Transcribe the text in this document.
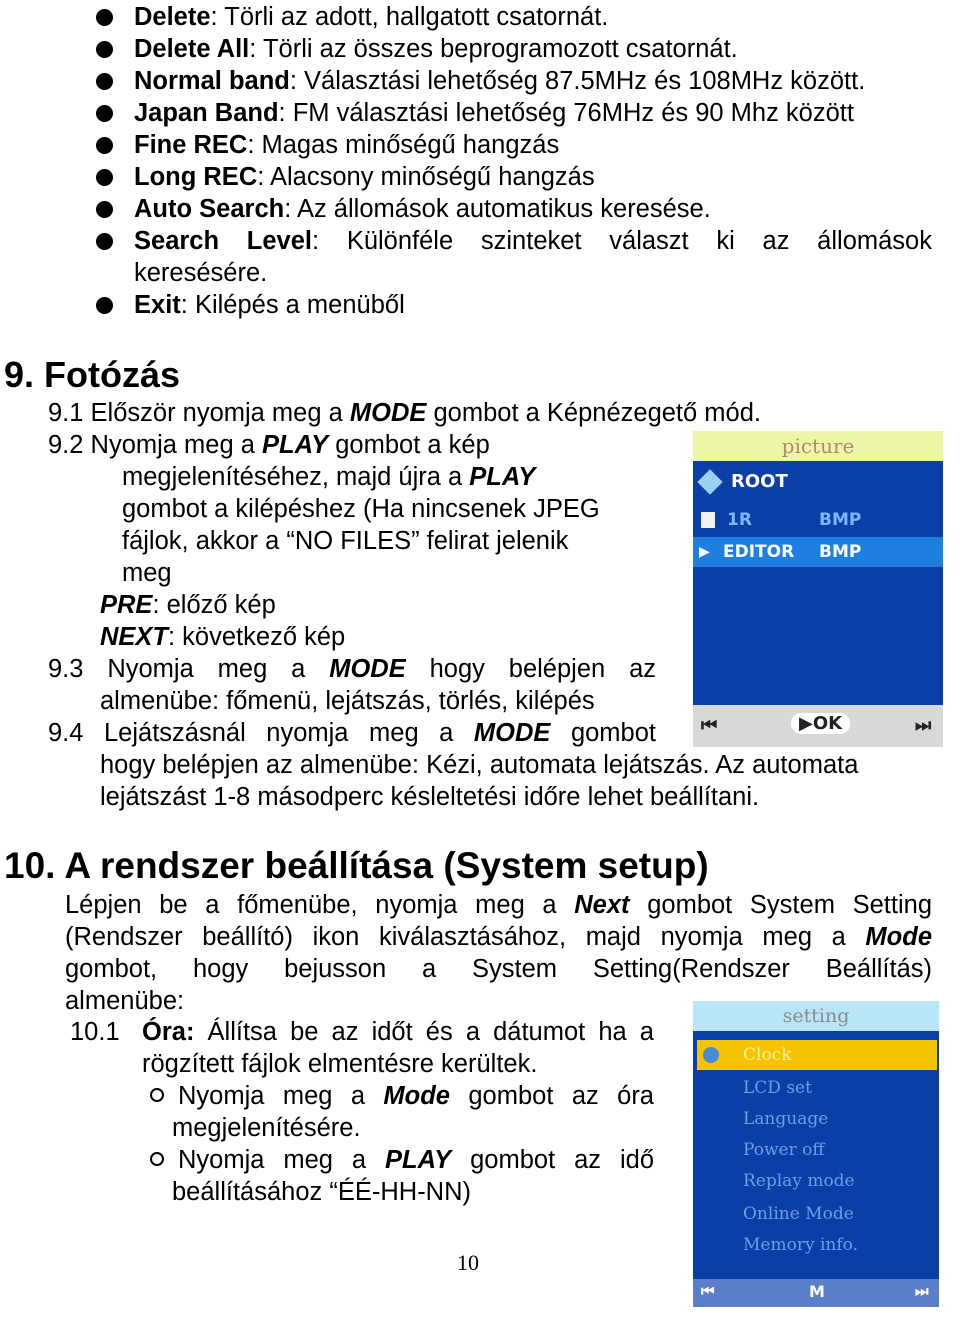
Delete: Törli az adott, hallgatott csatornát.
Delete All: Törli az összes beprogramozott csatornát.
Normal band: Választási lehetőség 87.5MHz és 108MHz között.
Japan Band: FM választási lehetőség 76MHz és 90 Mhz között
Fine REC: Magas minőségű hangzás
Long REC: Alacsony minőségű hangzás
Auto Search: Az állomások automatikus keresése.
Search Level: Különféle szinteket választ ki az állomások
keresésére.
Exit: Kilépés a menüből
9. Fotózás
9.1 Először nyomja meg a MODE gombot a Képnézegető mód.
9.2 Nyomja meg a PLAY gombot a kép
megjelenítéséhez, majd újra a PLAY
gombot a kilépéshez (Ha nincsenek JPEG
fájlok, akkor a “NO FILES” felirat jelenik
meg
PRE: előző kép
NEXT: következő kép
9.3 Nyomja meg a MODE hogy belépjen az
almenübe: főmenü, lejátszás, törlés, kilépés
9.4 Lejátszásnál nyomja meg a MODE gombot
hogy belépjen az almenübe: Kézi, automata lejátszás. Az automata
lejátszást 1-8 másodperc késleltetési időre lehet beállítani.
picture
ROOT
1R	BMP
▶ EDITOR BMP
⏮	▶OK	⏭
10. A rendszer beállítása (System setup)
Lépjen be a főmenübe, nyomja meg a Next gombot System Setting
(Rendszer beállító) ikon kiválasztásához, majd nyomja meg a Mode
gombot, hogy bejusson a System Setting(Rendszer Beállítás)
almenübe:
10.1 Óra: Állítsa be az időt és a dátumot ha a
rögzített fájlok elmentésre kerültek.
Nyomja meg a Mode gombot az óra
megjelenítésére.
Nyomja meg a PLAY gombot az idő
beállításához “ÉÉ-HH-NN)
setting
Clock
LCD set
Language
Power off
Replay mode
Online Mode
Memory info.
⏮	M	⏭
10
